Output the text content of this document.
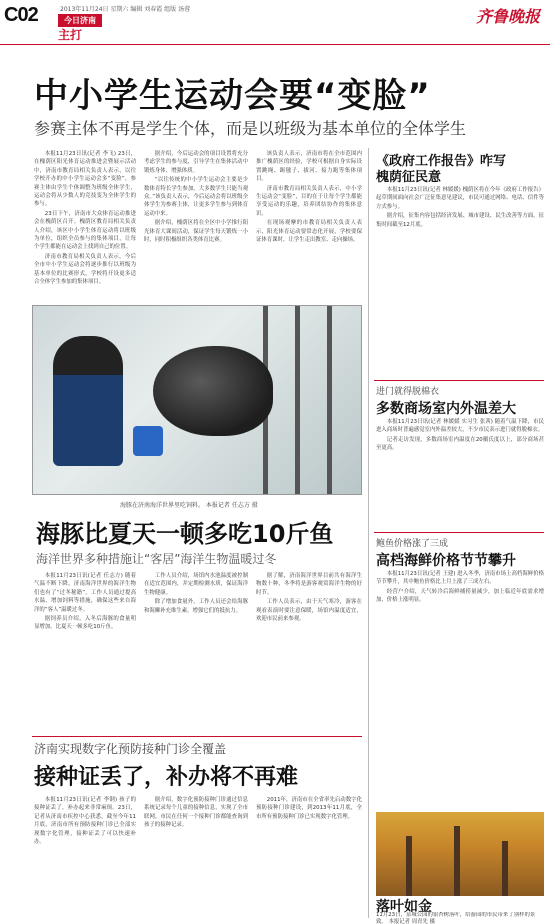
C02	2013年11月24日 星期六 编辑 刘春霞 组版 汤蓉
今日济南
主打
齐鲁晚报
中小学生运动会要“变脸”
参赛主体不再是学生个体，而是以班级为基本单位的全体学生

本报11月23日讯(记者 李飞) 23日，在槐荫区阳光体育运动推进会暨展示活动中，济南市教育局相关负责人表示，以往学校开办的中小学生运动会多“变脸”，参赛主体由学生个体调整为班级全体学生，运动会将从少数人的竞技变为全体学生的参与。

23日下午，济南市大众体育运动推进会在槐荫区召开。槐荫区教育局相关负责人介绍，该区中小学生体育运动将以班级为单位，组织全员参与的集体项目，让每个学生都能在运动会上找到自己的位置。

济南市教育局相关负责人表示，今后全市中小学生运动会将逐步推行以班级为基本单位的比赛形式，学校将开设更多适合全体学生参加的集体项目。

据介绍，今后运动会的项目设置将充分考虑学生的参与度，引导学生在集体活动中锻炼身体、增强体质。

“以往传统的中小学生运动会主要是少数体育特长学生参加，大多数学生只能当观众。”该负责人表示，今后运动会将以班级全体学生为参赛主体，让更多学生参与到体育运动中来。

据介绍，槐荫区将在全区中小学推行阳光体育大课间活动，保证学生每天锻炼一小时，同时积极组织各类体育比赛。

该负责人表示，济南市将在全市范围内推广槐荫区的经验，学校可根据自身实际设置跳绳、踢毽子、拔河、接力跑等集体项目。

济南市教育局相关负责人表示，中小学生运动会“变脸”，目的在于让每个学生都能享受运动的乐趣，培养团结协作的集体意识。

在现场观摩的市教育局相关负责人表示，阳光体育运动要常态化开展，学校要保证体育课时，让学生走出教室、走向操场。

海豚在济南海洋世界里吃饲料。 本报记者 任志方 摄
海豚比夏天一顿多吃10斤鱼
海洋世界多种措施让“客居”海洋生物温暖过冬

本报11月23日讯(记者 任志方) 随着气温不断下降，济南海洋世界的海洋生物们也有了“过冬秘籍”。工作人员通过提高水温、增加饲料等措施，确保这些来自海洋的“客人”温暖过冬。

据饲养员介绍，入冬后海豚的食量明显增加，比夏天一顿多吃10斤鱼。

工作人员介绍，场馆内水池温度被控制在适宜范围内，并定期检测水质，保证海洋生物健康。

除了增加食量外，工作人员还会给海豚和海狮补充维生素，增强它们的抵抗力。

据了解，济南海洋世界目前共有海洋生物数十种，冬季将是游客观赏海洋生物的好时节。

工作人员表示，由于天气寒冷，游客在观看表演时要注意保暖，场馆内温度适宜，欢迎市民前来参观。

济南实现数字化预防接种门诊全覆盖
接种证丢了，补办将不再难

本报11月23日讯(记者 李钢) 孩子的接种证丢了，补办起来非常麻烦。23日，记者从济南市疾控中心获悉，截至今年11月底，济南市所有预防接种门诊已全部实现数字化管理，接种证丢了可以快速补办。

据介绍，数字化预防接种门诊通过信息系统记录每个儿童的接种信息，实现了全市联网，市民在任何一个接种门诊都能查询到孩子的接种记录。

2011年，济南市在全省率先启动数字化预防接种门诊建设，到2013年11月底，全市所有预防接种门诊已实现数字化管理。

《政府工作报告》咋写
槐荫征民意

本报11月23日讯(记者 林媛媛) 槐荫区将在今年《政府工作报告》起草期间面向社会广泛征集意见建议，市民可通过网络、电话、信件等方式参与。

据介绍，征集内容包括经济发展、城市建设、民生改善等方面，征集时间截至12月底。

进门就得脱棉衣
多数商场室内外温差大

本报11月23日讯(记者 林媛媛 实习生 张茜) 随着气温下降，市民进入商场时普遍感觉室内外温差较大，不少市民表示进门就得脱棉衣。

记者走访发现，多数商场室内温度在20摄氏度以上，部分商场甚至更高。

鲍鱼价格涨了三成
高档海鲜价格节节攀升

本报11月23日讯(记者 王建) 进入冬季，济南市场上高档海鲜价格节节攀升，其中鲍鱼价格比上月上涨了三成左右。

经营户介绍，天气转冷后海鲜捕捞量减少，加上临近年底需求增加，价格上涨明显。

落叶如金
11月23日，泉城公园的银杏树落叶，给游园的市民带来了别样的景致。 本报记者 周青先 摄
